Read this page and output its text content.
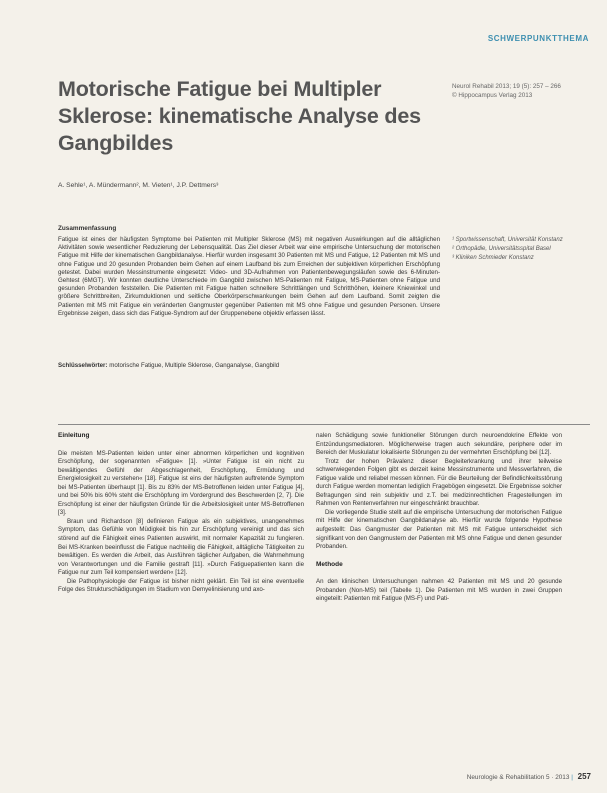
SCHWERPUNKTTHEMA
Motorische Fatigue bei Multipler Sklerose: kinematische Analyse des Gangbildes
Neurol Rehabil 2013; 19 (5): 257 – 266
© Hippocampus Verlag 2013
A. Sehle¹, A. Mündermann², M. Vieten¹, J.P. Dettmers³
Zusammenfassung
Fatigue ist eines der häufigsten Symptome bei Patienten mit Multipler Sklerose (MS) mit negativen Auswirkungen auf die alltäglichen Aktivitäten sowie wesentlicher Reduzierung der Lebensqualität. Das Ziel dieser Arbeit war eine empirische Untersuchung der motorischen Fatigue mit Hilfe der kinematischen Gangbildanalyse. Hierfür wurden insgesamt 30 Patienten mit MS und Fatigue, 12 Patienten mit MS und ohne Fatigue und 20 gesunden Probanden beim Gehen auf einem Laufband bis zum Erreichen der subjektiven körperlichen Erschöpfung getestet. Dabei wurden Messinstrumente eingesetzt: Video- und 3D-Aufnahmen von Patientenbewegungsläufen sowie des 6-Minuten-Gehtest (6MGT). Wir konnten deutliche Unterschiede im Gangbild zwischen MS-Patienten mit Fatigue, MS-Patienten ohne Fatigue und gesunden Probanden feststellen. Die Patienten mit Fatigue hatten schnellere Schrittlängen und Schritthöhen, kleinere Kniewinkel und größere Schrittbreiten, Zirkumduktionen und seitliche Oberkörperschwankungen beim Gehen auf dem Laufband. Somit zeigten die Patienten mit MS mit Fatigue ein veränderten Gangmuster gegenüber Patienten mit MS ohne Fatigue und gesunden Personen. Unsere Ergebnisse zeigen, dass sich das Fatigue-Syndrom auf der Gruppenebene objektiv erfassen lässt.
Schlüsselwörter: motorische Fatigue, Multiple Sklerose, Ganganalyse, Gangbild
¹ Sportwissenschaft, Universität Konstanz
² Orthopädie, Universitätsspital Basel
³ Kliniken Schmieder Konstanz
Einleitung

Die meisten MS-Patienten leiden unter einer abnormen körperlichen und kognitiven Erschöpfung, der sogenannten »Fatigue« [1]. »Unter Fatigue ist ein nicht zu bewältigendes Gefühl der Abgeschlagenheit, Erschöpfung, Ermüdung und Energielosigkeit zu verstehen« [18]. Fatigue ist eins der häufigsten auftretende Symptom bei MS-Patienten überhaupt [1]. Bis zu 83% der MS-Betroffenen leiden unter Fatigue [4], und bei 50% bis 60% steht die Erschöpfung im Vordergrund des Beschwerden [2, 7]. Die Erschöpfung ist einer der häufigsten Gründe für die Arbeitslosigkeit unter MS-Betroffenen [3].

Braun und Richardson [8] definieren Fatigue als ein subjektives, unangenehmes Symptom, das Gefühle von Müdigkeit bis hin zur Erschöpfung vereinigt und das sich störend auf die Fähigkeit eines Patienten auswirkt, mit normaler Kapazität zu fungieren. Bei MS-Kranken beeinflusst die Fatigue nachteilig die Fähigkeit, alltägliche Tätigkeiten zu bewältigen. Es werden die Arbeit, das Ausführen täglicher Aufgaben, die Wahrnehmung von Verantwortungen und die Familie gestraft [11]. »Durch Fatiguepatienten kann die Fatigue nur zum Teil kompensiert werden« [12].

Die Pathophysiologie der Fatigue ist bisher nicht geklärt. Ein Teil ist eine eventuelle Folge des Strukturschädigungen im Stadium von Demyelinisierung und axo-

nalen Schädigung sowie funktioneller Störungen durch neuroendokrine Effekte von Entzündungsmediatoren. Möglicherweise tragen auch sekundäre, periphere oder im Bereich der Muskulatur lokalisierte Störungen zu der vermehrten Erschöpfung bei [12].

Trotz der hohen Prävalenz dieser Begleiterkrankung und ihrer teilweise schwerwiegenden Folgen gibt es derzeit keine Messinstrumente und Messverfahren, die Fatigue valide und reliabel messen können. Für die Beurteilung der Befindlichkeitsstörung durch Fatigue werden momentan lediglich Fragebögen eingesetzt. Die Ergebnisse solcher Befragungen sind rein subjektiv und z.T. bei medizinrechtlichen Fragestellungen im Rahmen von Rentenverfahren nur eingeschränkt brauchbar.

Die vorliegende Studie stellt auf die empirische Untersuchung der motorischen Fatigue mit Hilfe der kinematischen Gangbildanalyse ab. Hierfür wurde folgende Hypothese aufgestellt: Das Gangmuster der Patienten mit MS mit Fatigue unterscheidet sich signifikant von den Gangmustern der Patienten mit MS ohne Fatigue und denen gesunder Probanden.

Methode

An den klinischen Untersuchungen nahmen 42 Patienten mit MS und 20 gesunde Probanden (Non-MS) teil (Tabelle 1). Die Patienten mit MS wurden in zwei Gruppen eingeteilt: Patienten mit Fatigue (MS-F) und Pati-

Neurologie & Rehabilitation 5 · 2013 | 257
